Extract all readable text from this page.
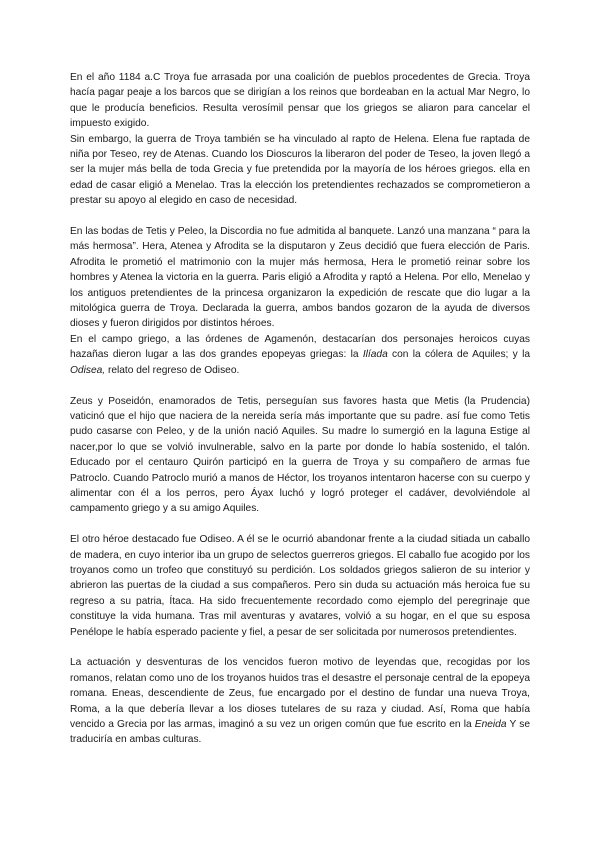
En el año 1184 a.C Troya fue arrasada por una coalición de pueblos procedentes de Grecia. Troya hacía pagar peaje a los barcos que se dirigían a los reinos que bordeaban en la actual Mar Negro, lo que le producía beneficios. Resulta verosímil pensar que los griegos se aliaron para cancelar el impuesto exigido.

Sin embargo, la guerra de Troya también se ha vinculado al rapto de Helena. Elena fue raptada de niña por Teseo, rey de Atenas. Cuando los Dioscuros la liberaron del poder de Teseo, la joven llegó a ser la mujer más bella de toda Grecia y fue pretendida por la mayoría de los héroes griegos. ella en edad de casar eligió a Menelao. Tras la elección los pretendientes rechazados se comprometieron a prestar su apoyo al elegido en caso de necesidad.

En las bodas de Tetis y Peleo, la Discordia no fue admitida al banquete. Lanzó una manzana “ para la más hermosa”. Hera, Atenea y Afrodita se la disputaron y Zeus decidió que fuera elección de Paris. Afrodita le prometió el matrimonio con la mujer más hermosa, Hera le prometió reinar sobre los hombres y Atenea la victoria en la guerra. Paris eligió a Afrodita y raptó a Helena. Por ello, Menelao y los antiguos pretendientes de la princesa organizaron la expedición de rescate que dio lugar a la mitológica guerra de Troya. Declarada la guerra, ambos bandos gozaron de la ayuda de diversos dioses y fueron dirigidos por distintos héroes.

En el campo griego, a las órdenes de Agamenón, destacarían dos personajes heroicos cuyas hazañas dieron lugar a las dos grandes epopeyas griegas: la Ilíada con la cólera de Aquiles; y la Odisea, relato del regreso de Odiseo.

Zeus y Poseidón, enamorados de Tetis, perseguían sus favores hasta que Metis (la Prudencia) vaticinó que el hijo que naciera de la nereida sería más importante que su padre. así fue como Tetis pudo casarse con Peleo, y de la unión nació Aquiles. Su madre lo sumergió en la laguna Estige al nacer,por lo que se volvió invulnerable, salvo en la parte por donde lo había sostenido, el talón. Educado por el centauro Quirón participó en la guerra de Troya y su compañero de armas fue Patroclo. Cuando Patroclo murió a manos de Héctor, los troyanos intentaron hacerse con su cuerpo y alimentar con él a los perros, pero Áyax luchó y logró proteger el cadáver, devolviéndole al campamento griego y a su amigo Aquiles.

El otro héroe destacado fue Odiseo. A él se le ocurrió abandonar frente a la ciudad sitiada un caballo de madera, en cuyo interior iba un grupo de selectos guerreros griegos. El caballo fue acogido por los troyanos como un trofeo que constituyó su perdición. Los soldados griegos salieron de su interior y abrieron las puertas de la ciudad a sus compañeros. Pero sin duda su actuación más heroica fue su regreso a su patria, Ítaca. Ha sido frecuentemente recordado como ejemplo del peregrinaje que constituye la vida humana. Tras mil aventuras y avatares, volvió a su hogar, en el que su esposa Penélope le había esperado paciente y fiel, a pesar de ser solicitada por numerosos pretendientes.

La actuación y desventuras de los vencidos fueron motivo de leyendas que, recogidas por los romanos, relatan como uno de los troyanos huidos tras el desastre el personaje central de la epopeya romana. Eneas, descendiente de Zeus, fue encargado por el destino de fundar una nueva Troya, Roma, a la que debería llevar a los dioses tutelares de su raza y ciudad. Así, Roma que había vencido a Grecia por las armas, imaginó a su vez un origen común que fue escrito en la Eneida Y se traduciría en ambas culturas.
